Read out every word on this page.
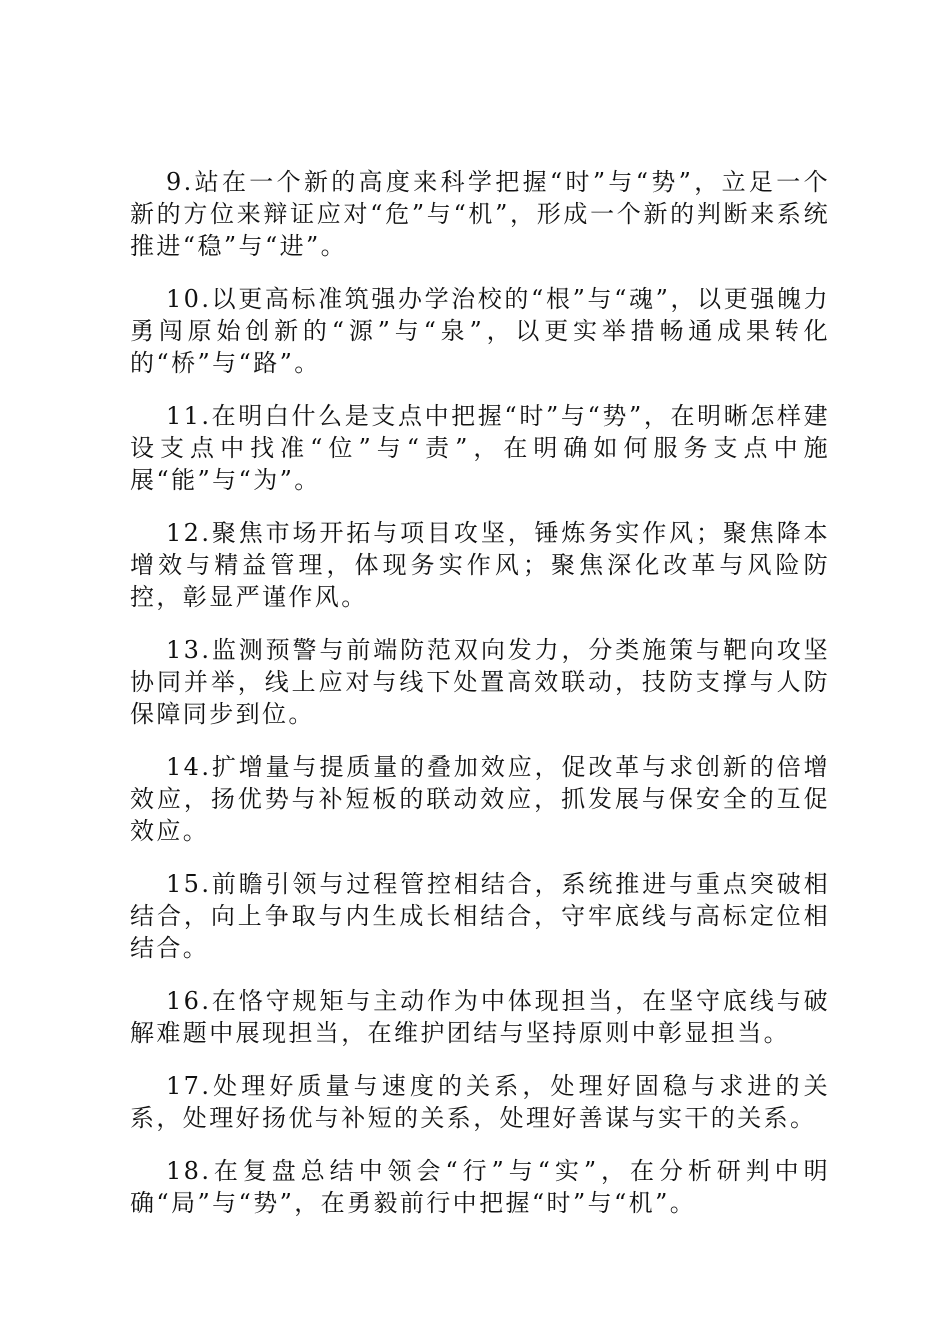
9.站在一个新的高度来科学把握“时”与“势”，立足一个新的方位来辩证应对“危”与“机”，形成一个新的判断来系统推进“稳”与“进”。

10.以更高标准筑强办学治校的“根”与“魂”，以更强魄力勇闯原始创新的“源”与“泉”，以更实举措畅通成果转化的“桥”与“路”。

11.在明白什么是支点中把握“时”与“势”，在明晰怎样建设支点中找准“位”与“责”，在明确如何服务支点中施展“能”与“为”。

12.聚焦市场开拓与项目攻坚，锤炼务实作风；聚焦降本增效与精益管理，体现务实作风；聚焦深化改革与风险防控，彰显严谨作风。

13.监测预警与前端防范双向发力，分类施策与靶向攻坚协同并举，线上应对与线下处置高效联动，技防支撑与人防保障同步到位。

14.扩增量与提质量的叠加效应，促改革与求创新的倍增效应，扬优势与补短板的联动效应，抓发展与保安全的互促效应。

15.前瞻引领与过程管控相结合，系统推进与重点突破相结合，向上争取与内生成长相结合，守牢底线与高标定位相结合。

16.在恪守规矩与主动作为中体现担当，在坚守底线与破解难题中展现担当，在维护团结与坚持原则中彰显担当。

17.处理好质量与速度的关系，处理好固稳与求进的关系，处理好扬优与补短的关系，处理好善谋与实干的关系。

18.在复盘总结中领会“行”与“实”，在分析研判中明确“局”与“势”，在勇毅前行中把握“时”与“机”。
